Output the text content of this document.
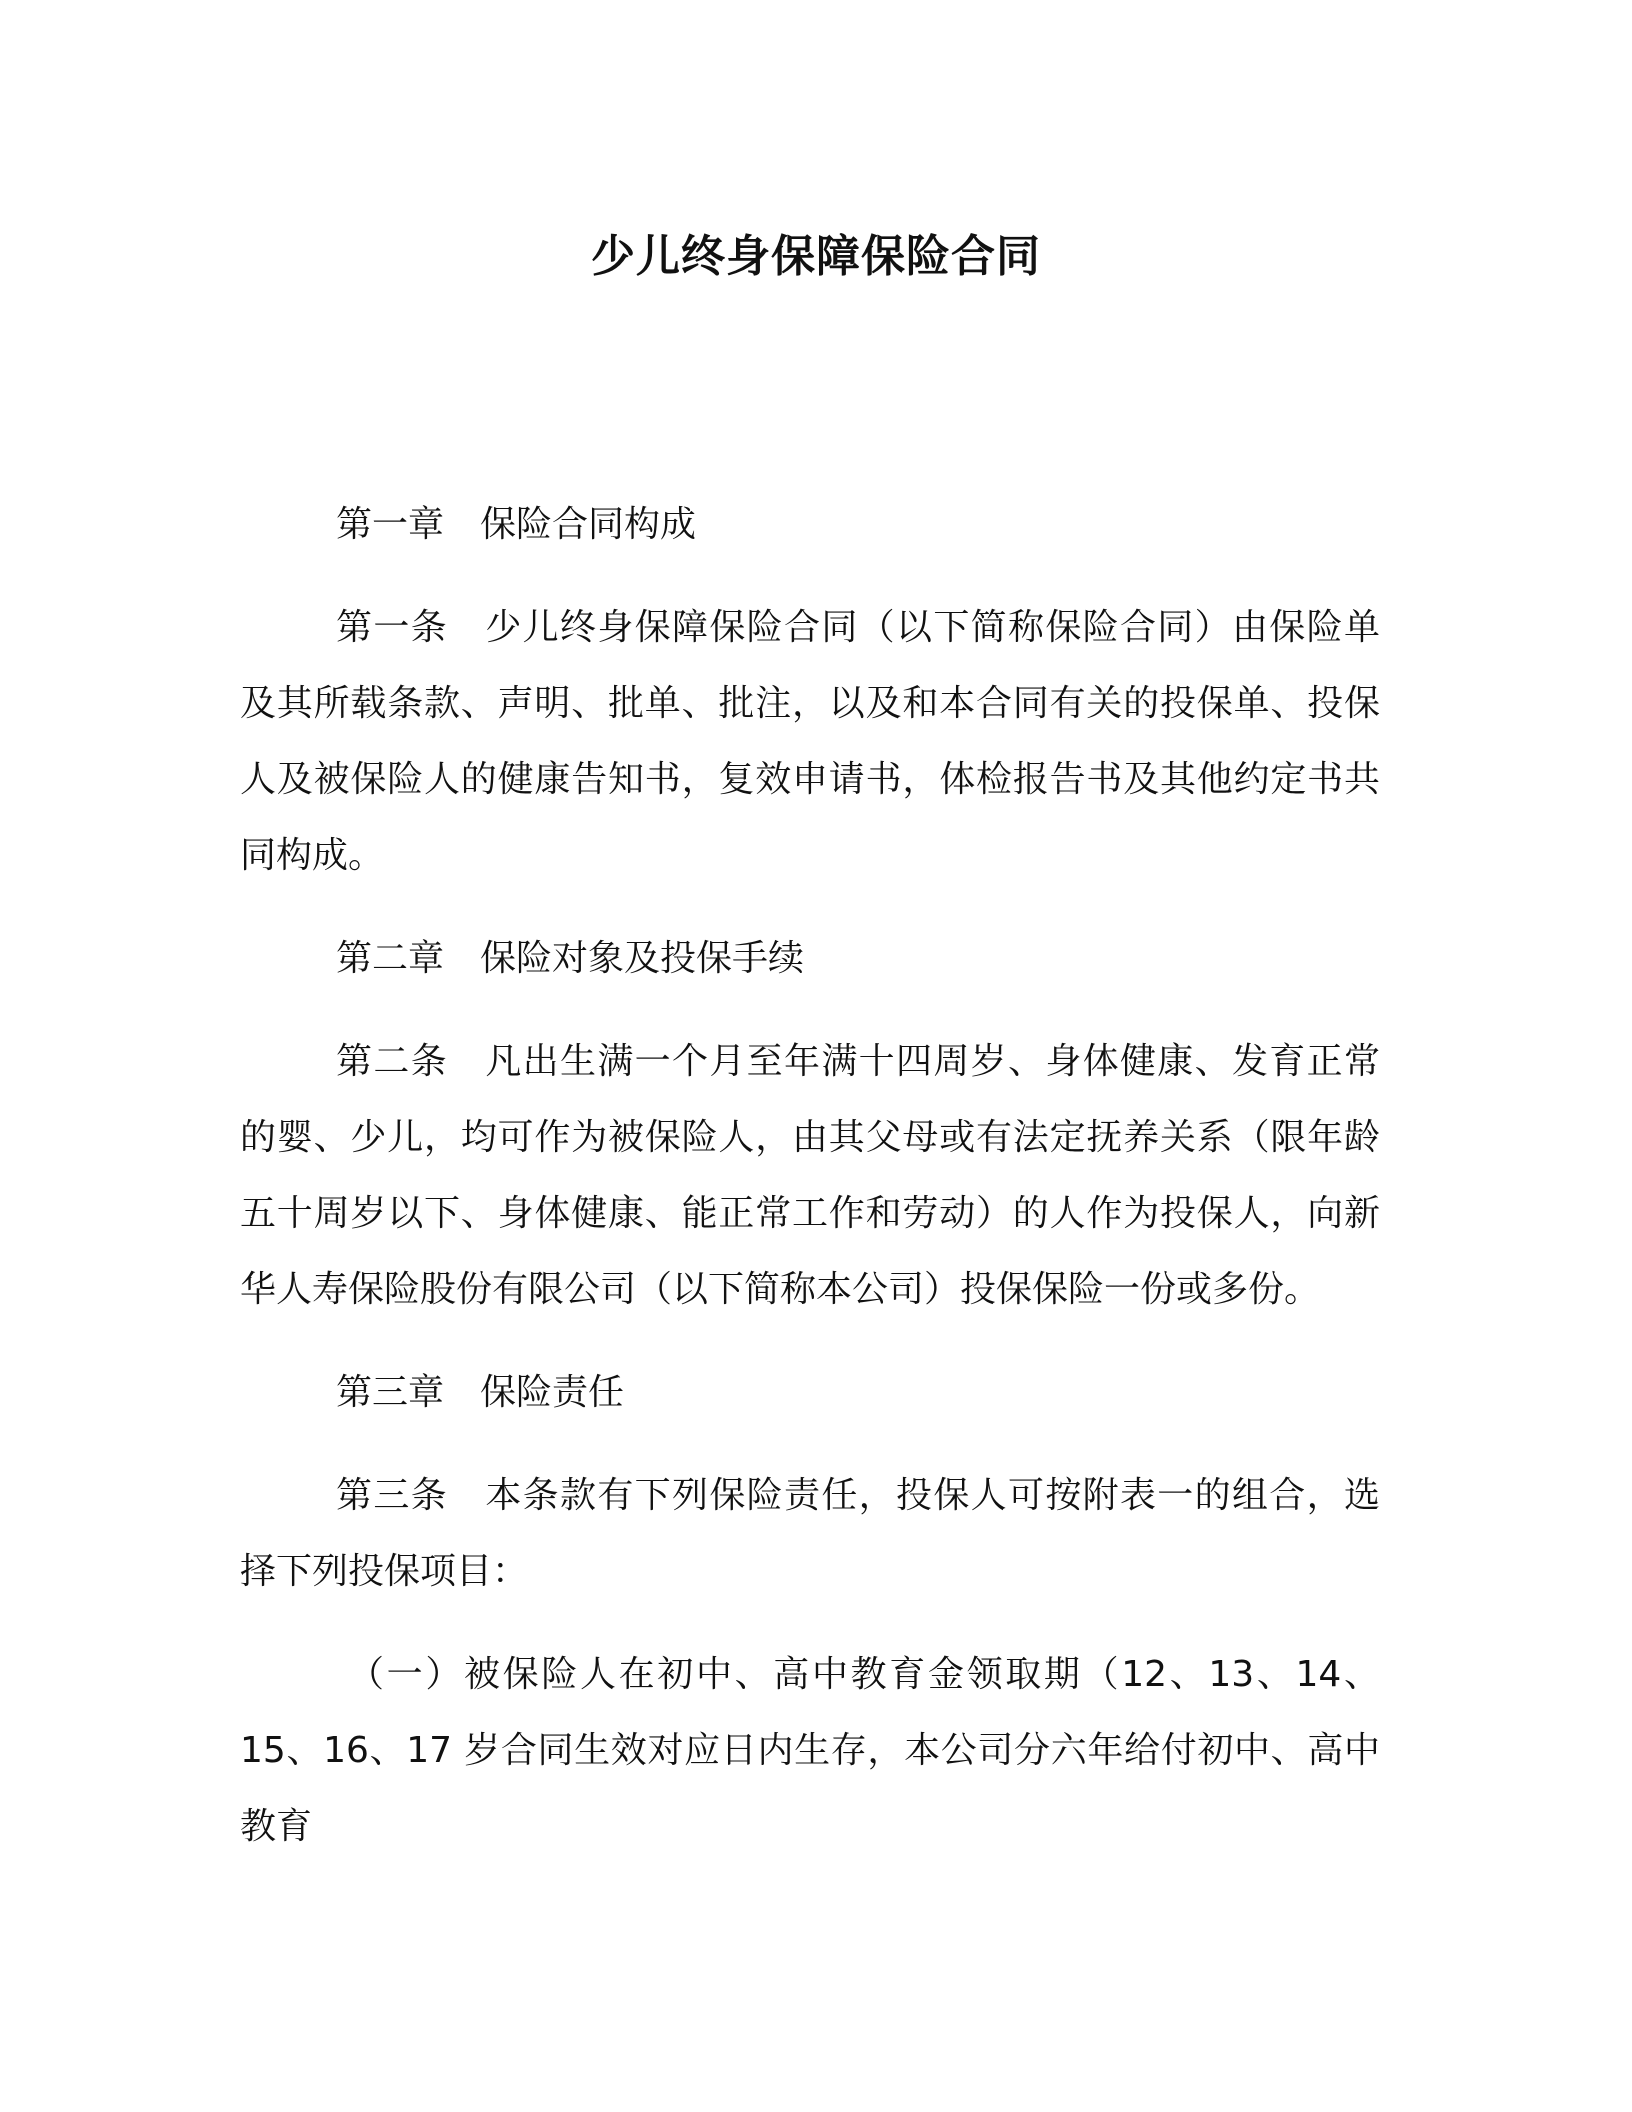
少儿终身保障保险合同
第一章 保险合同构成
第一条 少儿终身保障保险合同（以下简称保险合同）由保险单及其所载条款、声明、批单、批注，以及和本合同有关的投保单、投保人及被保险人的健康告知书，复效申请书，体检报告书及其他约定书共同构成。
第二章 保险对象及投保手续
第二条 凡出生满一个月至年满十四周岁、身体健康、发育正常的婴、少儿，均可作为被保险人，由其父母或有法定抚养关系（限年龄五十周岁以下、身体健康、能正常工作和劳动）的人作为投保人，向新华人寿保险股份有限公司（以下简称本公司）投保保险一份或多份。
第三章 保险责任
第三条 本条款有下列保险责任，投保人可按附表一的组合，选择下列投保项目：
（一）被保险人在初中、高中教育金领取期（12、13、14、15、16、17 岁合同生效对应日内生存，本公司分六年给付初中、高中教育
